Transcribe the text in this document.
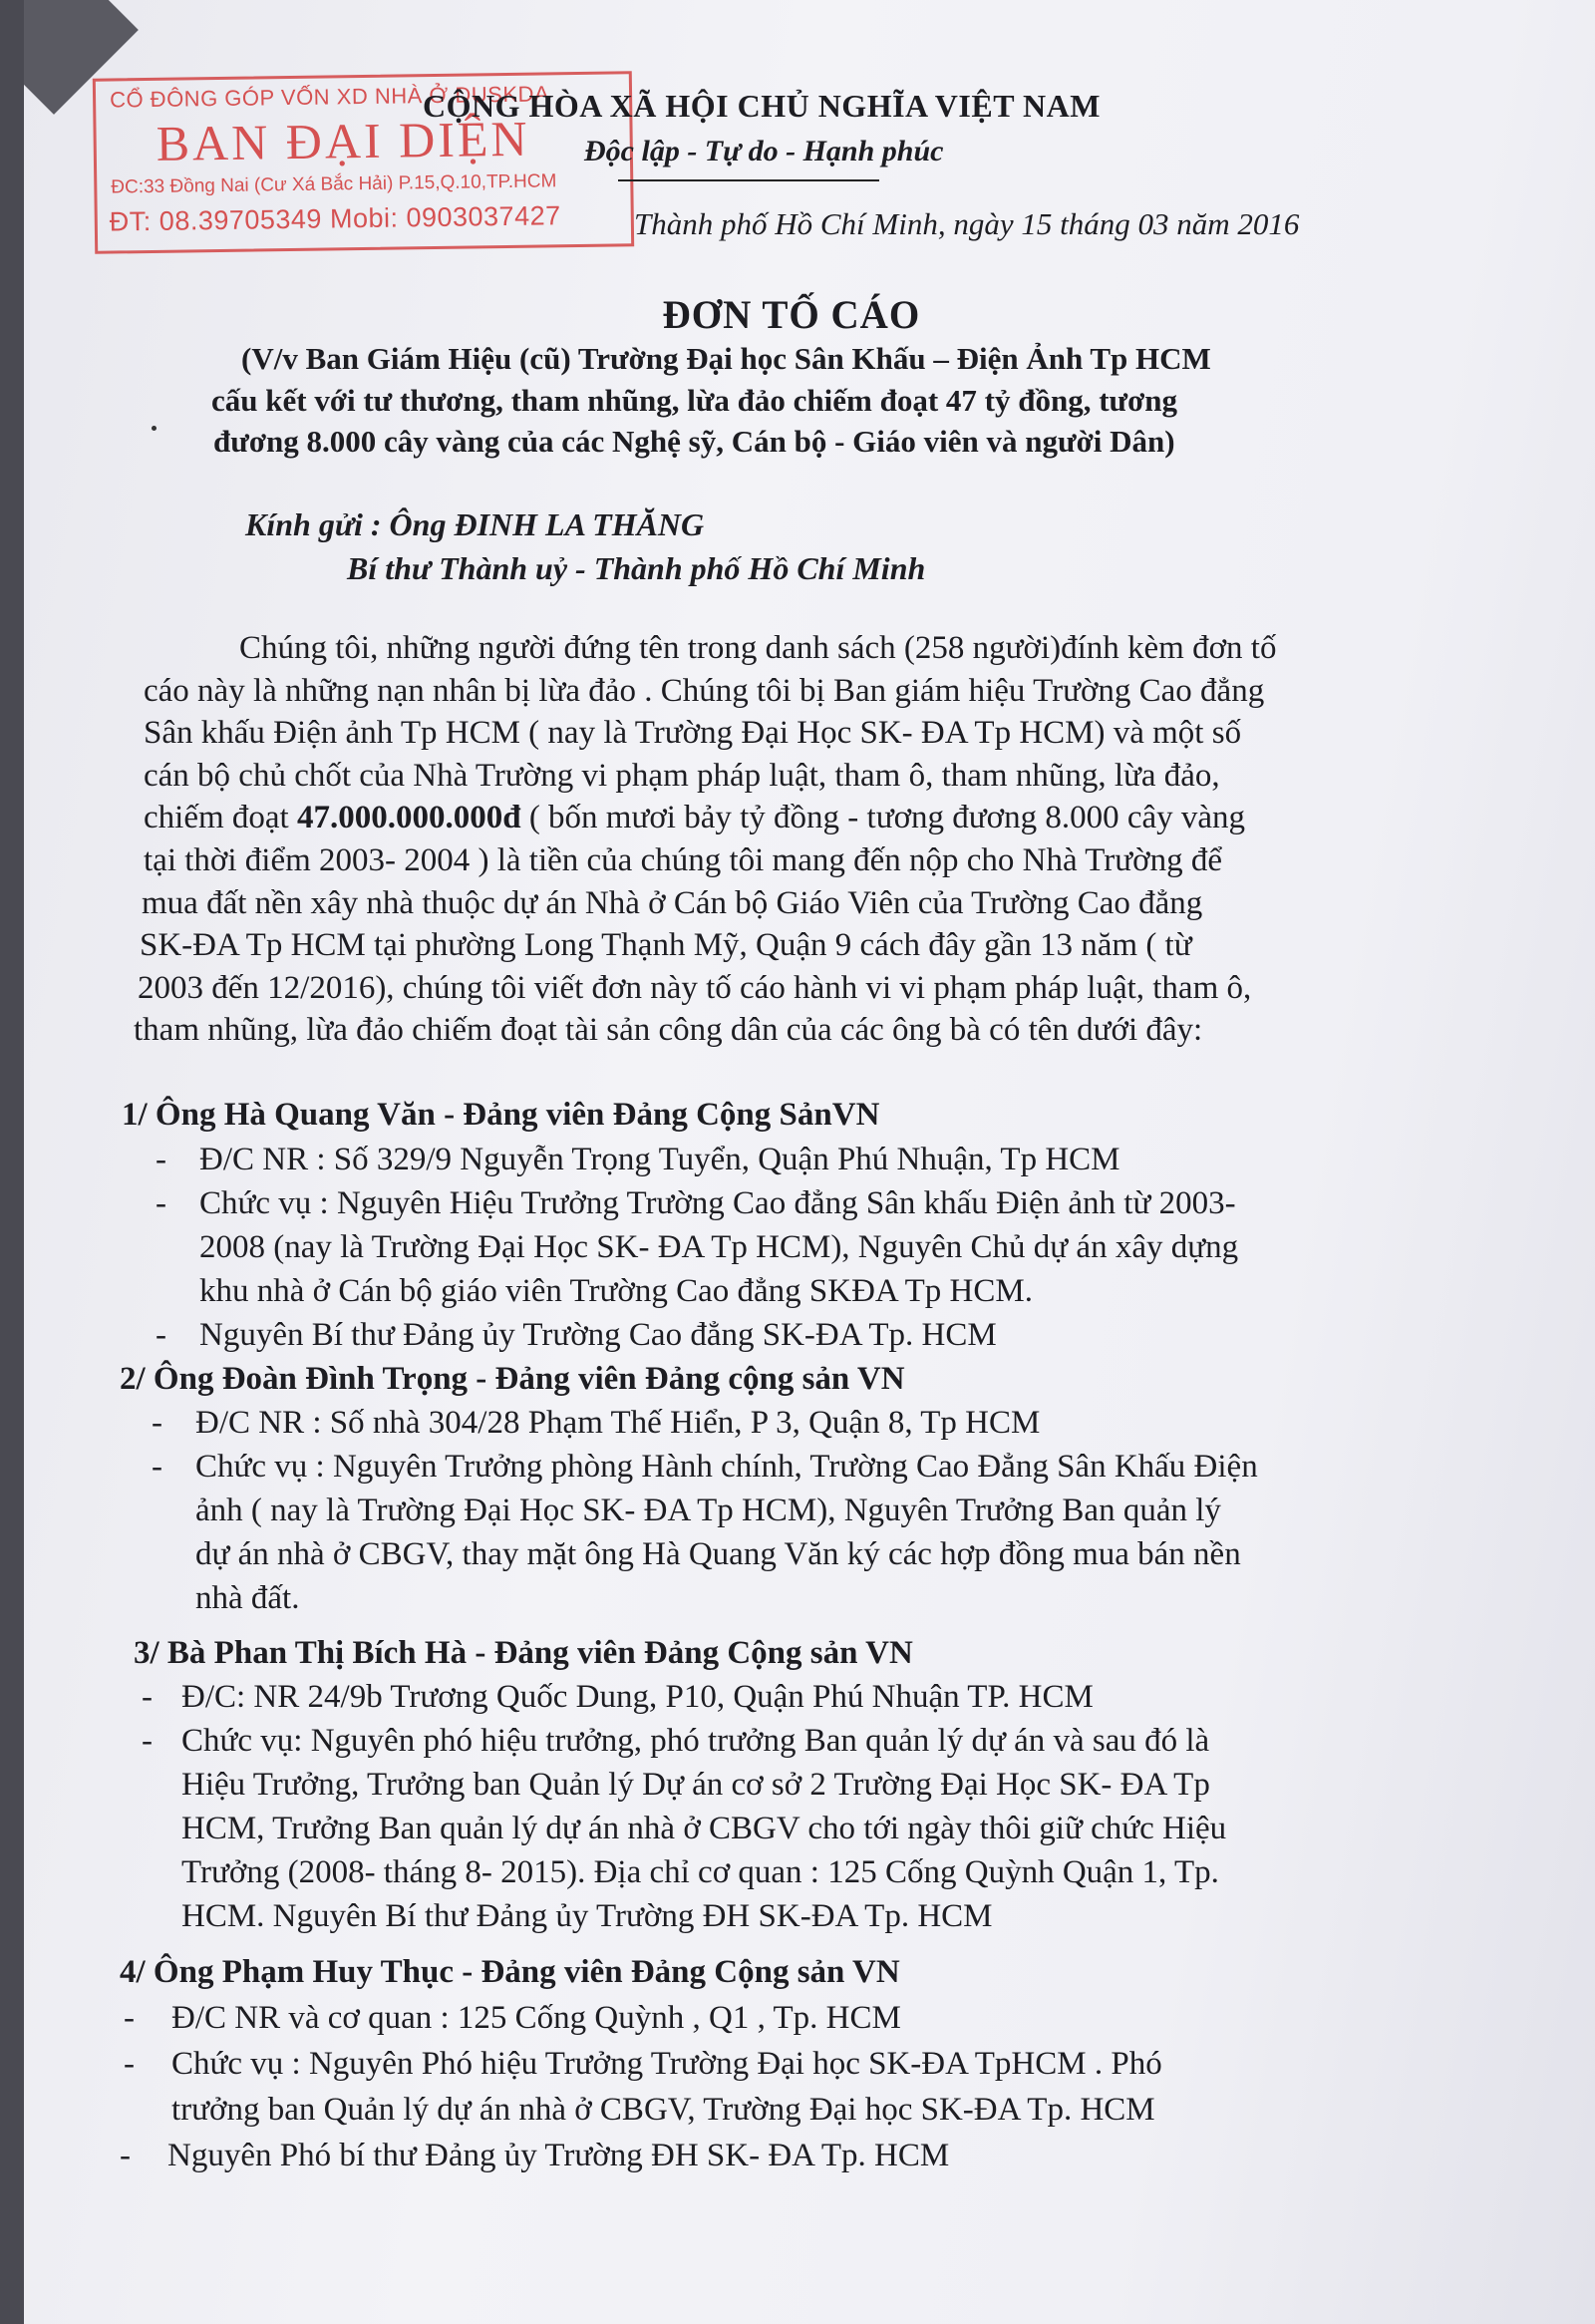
CỔ ĐÔNG GÓP VỐN XD NHÀ Ở DUSKDA
BAN ĐẠI DIỆN
ĐC:33 Đồng Nai (Cư Xá Bắc Hải) P.15,Q.10,TP.HCM
ĐT: 08.39705349 Mobi: 0903037427
CỘNG HÒA XÃ HỘI CHỦ NGHĨA VIỆT NAM
Độc lập - Tự do - Hạnh phúc
Thành phố Hồ Chí Minh, ngày 15 tháng 03 năm 2016
ĐƠN TỐ CÁO
(V/v Ban Giám Hiệu (cũ) Trường Đại học Sân Khấu – Điện Ảnh Tp HCM
cấu kết với tư thương, tham nhũng, lừa đảo chiếm đoạt 47 tỷ đồng, tương
đương 8.000 cây vàng của các Nghệ sỹ, Cán bộ - Giáo viên và người Dân)
Kính gửi : Ông ĐINH LA THĂNG
Bí thư Thành uỷ - Thành phố Hồ Chí Minh
Chúng tôi, những người đứng tên trong danh sách (258 người)đính kèm đơn tố
cáo này là những nạn nhân bị lừa đảo . Chúng tôi bị Ban giám hiệu Trường Cao đẳng
Sân khấu Điện ảnh Tp HCM ( nay là Trường Đại Học SK- ĐA Tp HCM) và một số
cán bộ chủ chốt của Nhà Trường vi phạm pháp luật, tham ô, tham nhũng, lừa đảo,
chiếm đoạt 47.000.000.000đ ( bốn mươi bảy tỷ đồng - tương đương 8.000 cây vàng
tại thời điểm 2003- 2004 ) là tiền của chúng tôi mang đến nộp cho Nhà Trường để
mua đất nền xây nhà thuộc dự án Nhà ở Cán bộ Giáo Viên của Trường Cao đẳng
SK-ĐA Tp HCM tại phường Long Thạnh Mỹ, Quận 9 cách đây gần 13 năm ( từ
2003 đến 12/2016), chúng tôi viết đơn này tố cáo hành vi vi phạm pháp luật, tham ô,
tham nhũng, lừa đảo chiếm đoạt tài sản công dân của các ông bà có tên dưới đây:
1/ Ông Hà Quang Văn - Đảng viên Đảng Cộng SảnVN
- Đ/C NR : Số 329/9 Nguyễn Trọng Tuyển, Quận Phú Nhuận, Tp HCM
- Chức vụ : Nguyên Hiệu Trưởng Trường Cao đẳng Sân khấu Điện ảnh từ 2003-
2008 (nay là Trường Đại Học SK- ĐA Tp HCM), Nguyên Chủ dự án xây dựng
khu nhà ở Cán bộ giáo viên Trường Cao đẳng SKĐA Tp HCM.
- Nguyên Bí thư Đảng ủy Trường Cao đẳng SK-ĐA Tp. HCM
2/ Ông Đoàn Đình Trọng - Đảng viên Đảng cộng sản VN
- Đ/C NR : Số nhà 304/28 Phạm Thế Hiển, P 3, Quận 8, Tp HCM
- Chức vụ : Nguyên Trưởng phòng Hành chính, Trường Cao Đẳng Sân Khấu Điện
ảnh ( nay là Trường Đại Học SK- ĐA Tp HCM), Nguyên Trưởng Ban quản lý
dự án nhà ở CBGV, thay mặt ông Hà Quang Văn ký các hợp đồng mua bán nền
nhà đất.
3/ Bà Phan Thị Bích Hà - Đảng viên Đảng Cộng sản VN
- Đ/C: NR 24/9b Trương Quốc Dung, P10, Quận Phú Nhuận TP. HCM
- Chức vụ: Nguyên phó hiệu trưởng, phó trưởng Ban quản lý dự án và sau đó là
Hiệu Trưởng, Trưởng ban Quản lý Dự án cơ sở 2 Trường Đại Học SK- ĐA Tp
HCM, Trưởng Ban quản lý dự án nhà ở CBGV cho tới ngày thôi giữ chức Hiệu
Trưởng (2008- tháng 8- 2015). Địa chỉ cơ quan : 125 Cống Quỳnh Quận 1, Tp.
HCM. Nguyên Bí thư Đảng ủy Trường ĐH SK-ĐA Tp. HCM
4/ Ông Phạm Huy Thục - Đảng viên Đảng Cộng sản VN
- Đ/C NR và cơ quan : 125 Cống Quỳnh , Q1 , Tp. HCM
- Chức vụ : Nguyên Phó hiệu Trưởng Trường Đại học SK-ĐA TpHCM . Phó
trưởng ban Quản lý dự án nhà ở CBGV, Trường Đại học SK-ĐA Tp. HCM
- Nguyên Phó bí thư Đảng ủy Trường ĐH SK- ĐA Tp. HCM
